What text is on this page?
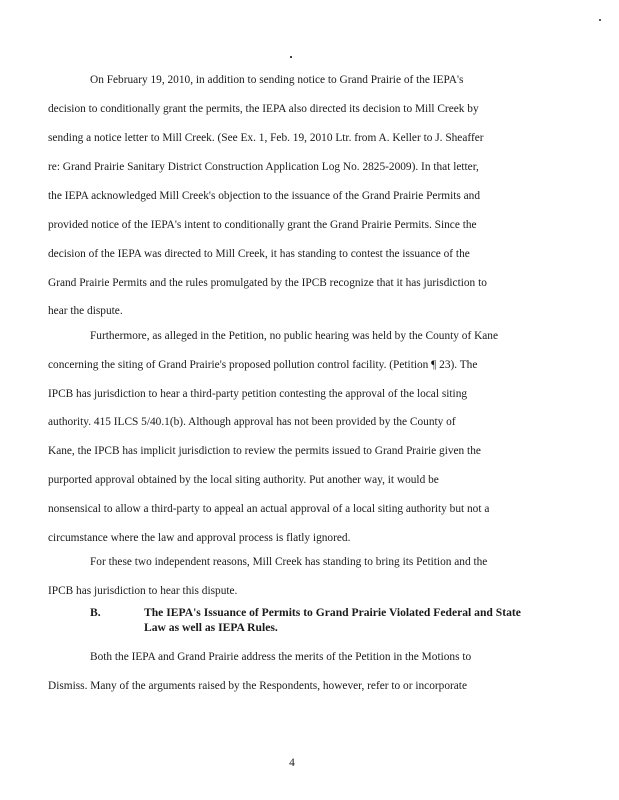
On February 19, 2010, in addition to sending notice to Grand Prairie of the IEPA's
decision to conditionally grant the permits, the IEPA also directed its decision to Mill Creek by
sending a notice letter to Mill Creek. (See Ex. 1, Feb. 19, 2010 Ltr. from A. Keller to J. Sheaffer
re: Grand Prairie Sanitary District Construction Application Log No. 2825-2009). In that letter,
the IEPA acknowledged Mill Creek's objection to the issuance of the Grand Prairie Permits and
provided notice of the IEPA's intent to conditionally grant the Grand Prairie Permits. Since the
decision of the IEPA was directed to Mill Creek, it has standing to contest the issuance of the
Grand Prairie Permits and the rules promulgated by the IPCB recognize that it has jurisdiction to
hear the dispute.
Furthermore, as alleged in the Petition, no public hearing was held by the County of Kane
concerning the siting of Grand Prairie's proposed pollution control facility. (Petition ¶ 23). The
IPCB has jurisdiction to hear a third-party petition contesting the approval of the local siting
authority. 415 ILCS 5/40.1(b). Although approval has not been provided by the County of
Kane, the IPCB has implicit jurisdiction to review the permits issued to Grand Prairie given the
purported approval obtained by the local siting authority. Put another way, it would be
nonsensical to allow a third-party to appeal an actual approval of a local siting authority but not a
circumstance where the law and approval process is flatly ignored.
For these two independent reasons, Mill Creek has standing to bring its Petition and the
IPCB has jurisdiction to hear this dispute.
B.	The IEPA's Issuance of Permits to Grand Prairie Violated Federal and State
Law as well as IEPA Rules.
Both the IEPA and Grand Prairie address the merits of the Petition in the Motions to
Dismiss. Many of the arguments raised by the Respondents, however, refer to or incorporate
4
